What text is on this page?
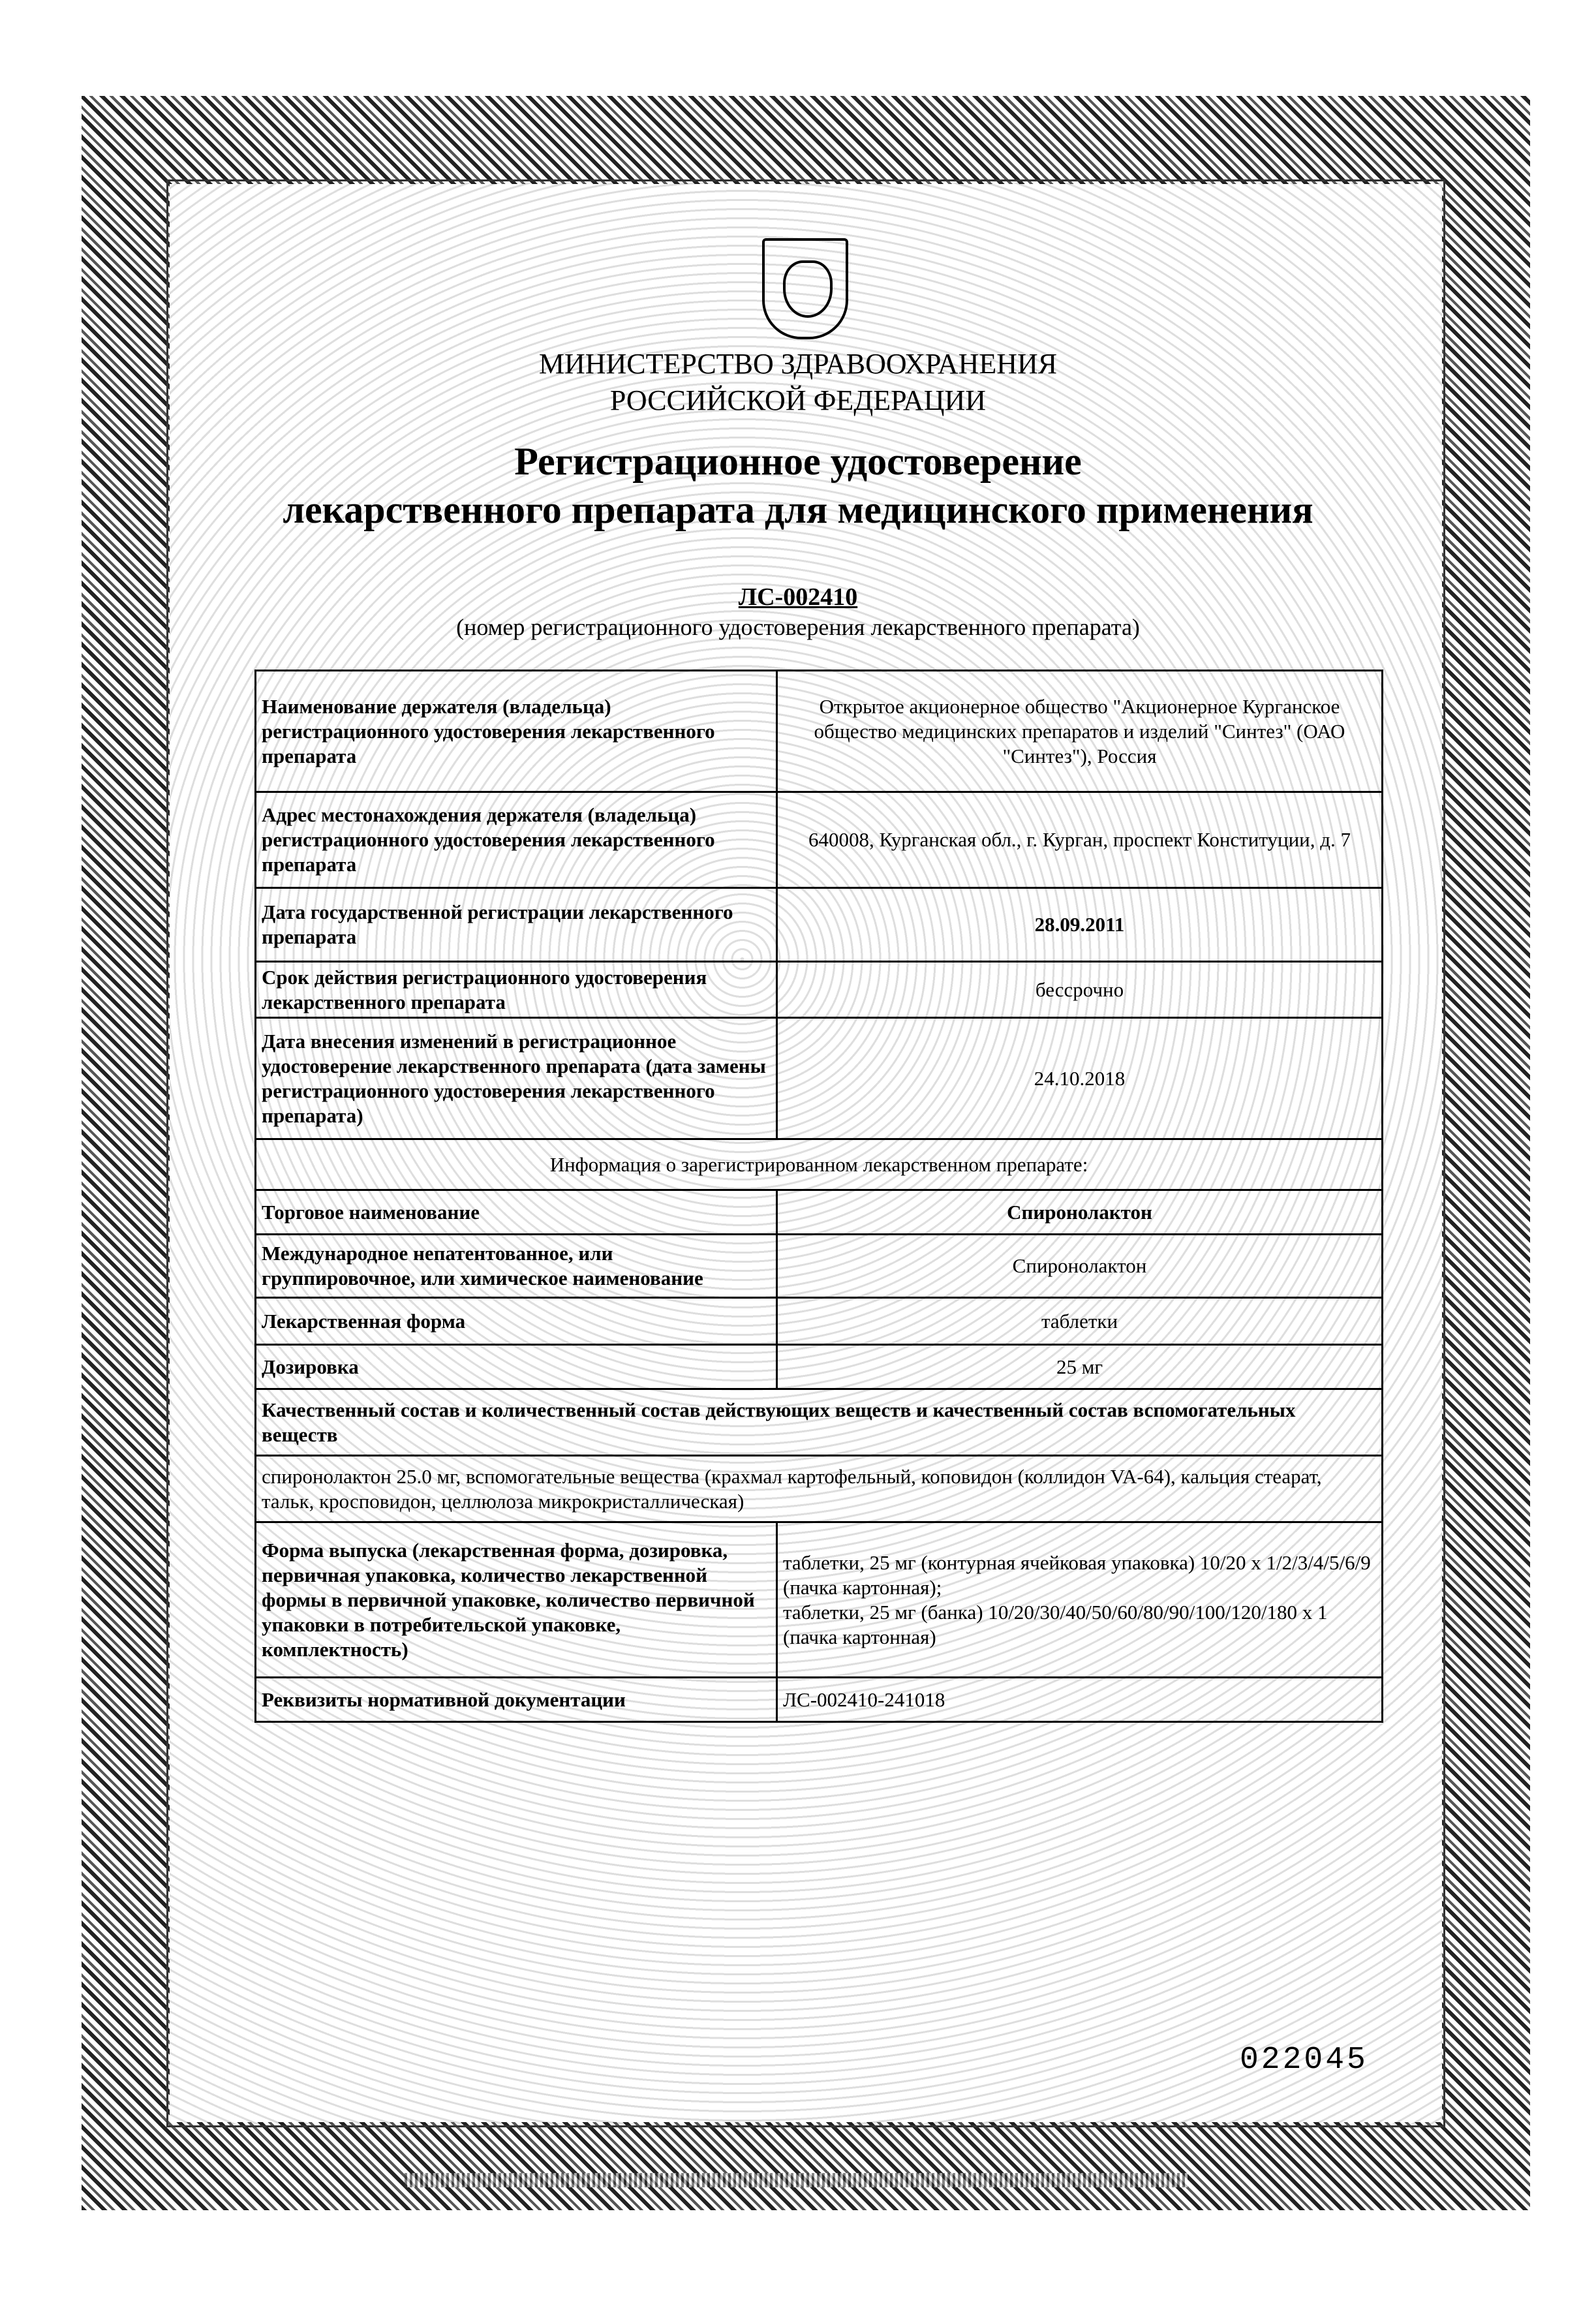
МИНИСТЕРСТВО ЗДРАВООХРАНЕНИЯ
РОССИЙСКОЙ ФЕДЕРАЦИИ
Регистрационное удостоверение
лекарственного препарата для медицинского применения
ЛС-002410
(номер регистрационного удостоверения лекарственного препарата)
Наименование держателя (владельца) регистрационного удостоверения лекарственного препарата	Открытое акционерное общество "Акционерное Курганское общество медицинских препаратов и изделий "Синтез" (ОАО "Синтез"), Россия
Адрес местонахождения держателя (владельца) регистрационного удостоверения лекарственного препарата	640008, Курганская обл., г. Курган, проспект Конституции, д. 7
Дата государственной регистрации лекарственного препарата	28.09.2011
Срок действия регистрационного удостоверения лекарственного препарата	бессрочно
Дата внесения изменений в регистрационное удостоверение лекарственного препарата (дата замены регистрационного удостоверения лекарственного препарата)	24.10.2018
Информация о зарегистрированном лекарственном препарате:	
Торговое наименование	Спиронолактон
Международное непатентованное, или группировочное, или химическое наименование	Спиронолактон
Лекарственная форма	таблетки
Дозировка	25 мг
Качественный состав и количественный состав действующих веществ и качественный состав вспомогательных веществ	
спиронолактон 25.0 мг, вспомогательные вещества (крахмал картофельный, коповидон (коллидон VA-64), кальция стеарат, тальк, кросповидон, целлюлоза микрокристаллическая)	
Форма выпуска (лекарственная форма, дозировка, первичная упаковка, количество лекарственной формы в первичной упаковке, количество первичной упаковки в потребительской упаковке, комплектность)	таблетки, 25 мг (контурная ячейковая упаковка) 10/20 х 1/2/3/4/5/6/9 (пачка картонная);
таблетки, 25 мг (банка) 10/20/30/40/50/60/80/90/100/120/180 х 1 (пачка картонная)

Реквизиты нормативной документации	ЛС-002410-241018
022045
